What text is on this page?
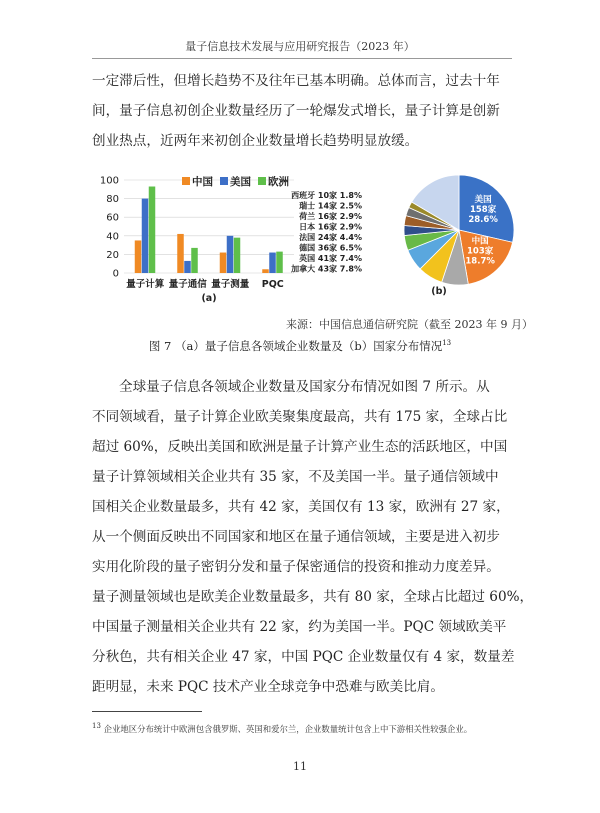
量子信息技术发展与应用研究报告（2023 年）
一定滞后性，但增长趋势不及往年已基本明确。总体而言，过去十年
间，量子信息初创企业数量经历了一轮爆发式增长，量子计算是创新
创业热点，近两年来初创企业数量增长趋势明显放缓。
0
20
40
60
80
100
量子计算 量子通信 量子测量 PQC
中国 美国 欧洲
(a)
美国
158家
28.6%
中国
103家
18.7%
西班牙 10家 1.8%
瑞士 14家 2.5%
荷兰 16家 2.9%
日本 16家 2.9%
法国 24家 4.4%
德国 36家 6.5%
英国 41家 7.4%
加拿大 43家 7.8%
(b)
来源：中国信息通信研究院（截至 2023 年 9 月）
图 7 （a）量子信息各领域企业数量及（b）国家分布情况$^{13}$
全球量子信息各领域企业数量及国家分布情况如图 7 所示。从
不同领域看，量子计算企业欧美聚集度最高，共有 175 家，全球占比
超过 60%，反映出美国和欧洲是量子计算产业生态的活跃地区，中国
量子计算领域相关企业共有 35 家，不及美国一半。量子通信领域中
国相关企业数量最多，共有 42 家，美国仅有 13 家，欧洲有 27 家，
从一个侧面反映出不同国家和地区在量子通信领域，主要是进入初步
实用化阶段的量子密钥分发和量子保密通信的投资和推动力度差异。
量子测量领域也是欧美企业数量最多，共有 80 家，全球占比超过 60%，
中国量子测量相关企业共有 22 家，约为美国一半。PQC 领域欧美平
分秋色，共有相关企业 47 家，中国 PQC 企业数量仅有 4 家，数量差
距明显，未来 PQC 技术产业全球竞争中恐难与欧美比肩。
$^{13}$ 企业地区分布统计中欧洲包含俄罗斯、英国和爱尔兰，企业数量统计包含上中下游相关性较强企业。
11
